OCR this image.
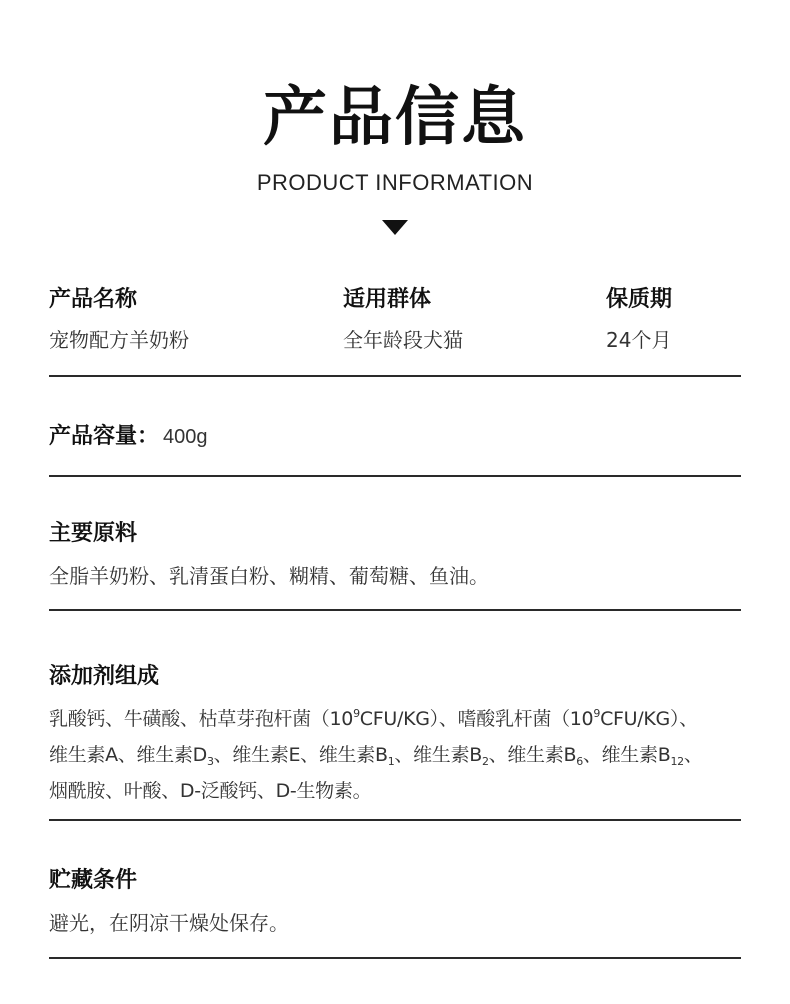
产品信息
PRODUCT INFORMATION
产品名称
宠物配方羊奶粉
适用群体
全年龄段犬猫
保质期
24个月
产品容量： 400g
主要原料
全脂羊奶粉、乳清蛋白粉、糊精、葡萄糖、鱼油。
添加剂组成
乳酸钙、牛磺酸、枯草芽孢杆菌$(10^9CFU/KG)$、嗜酸乳杆菌$(10^9CFU/KG)$、
维生素A、维生素$D_3$、维生素E、维生素$B_1$、维生素$B_2$、维生素$B_6$、维生素$B_{12}$、
烟酰胺、叶酸、D-泛酸钙、D-生物素。
贮藏条件
避光，在阴凉干燥处保存。
